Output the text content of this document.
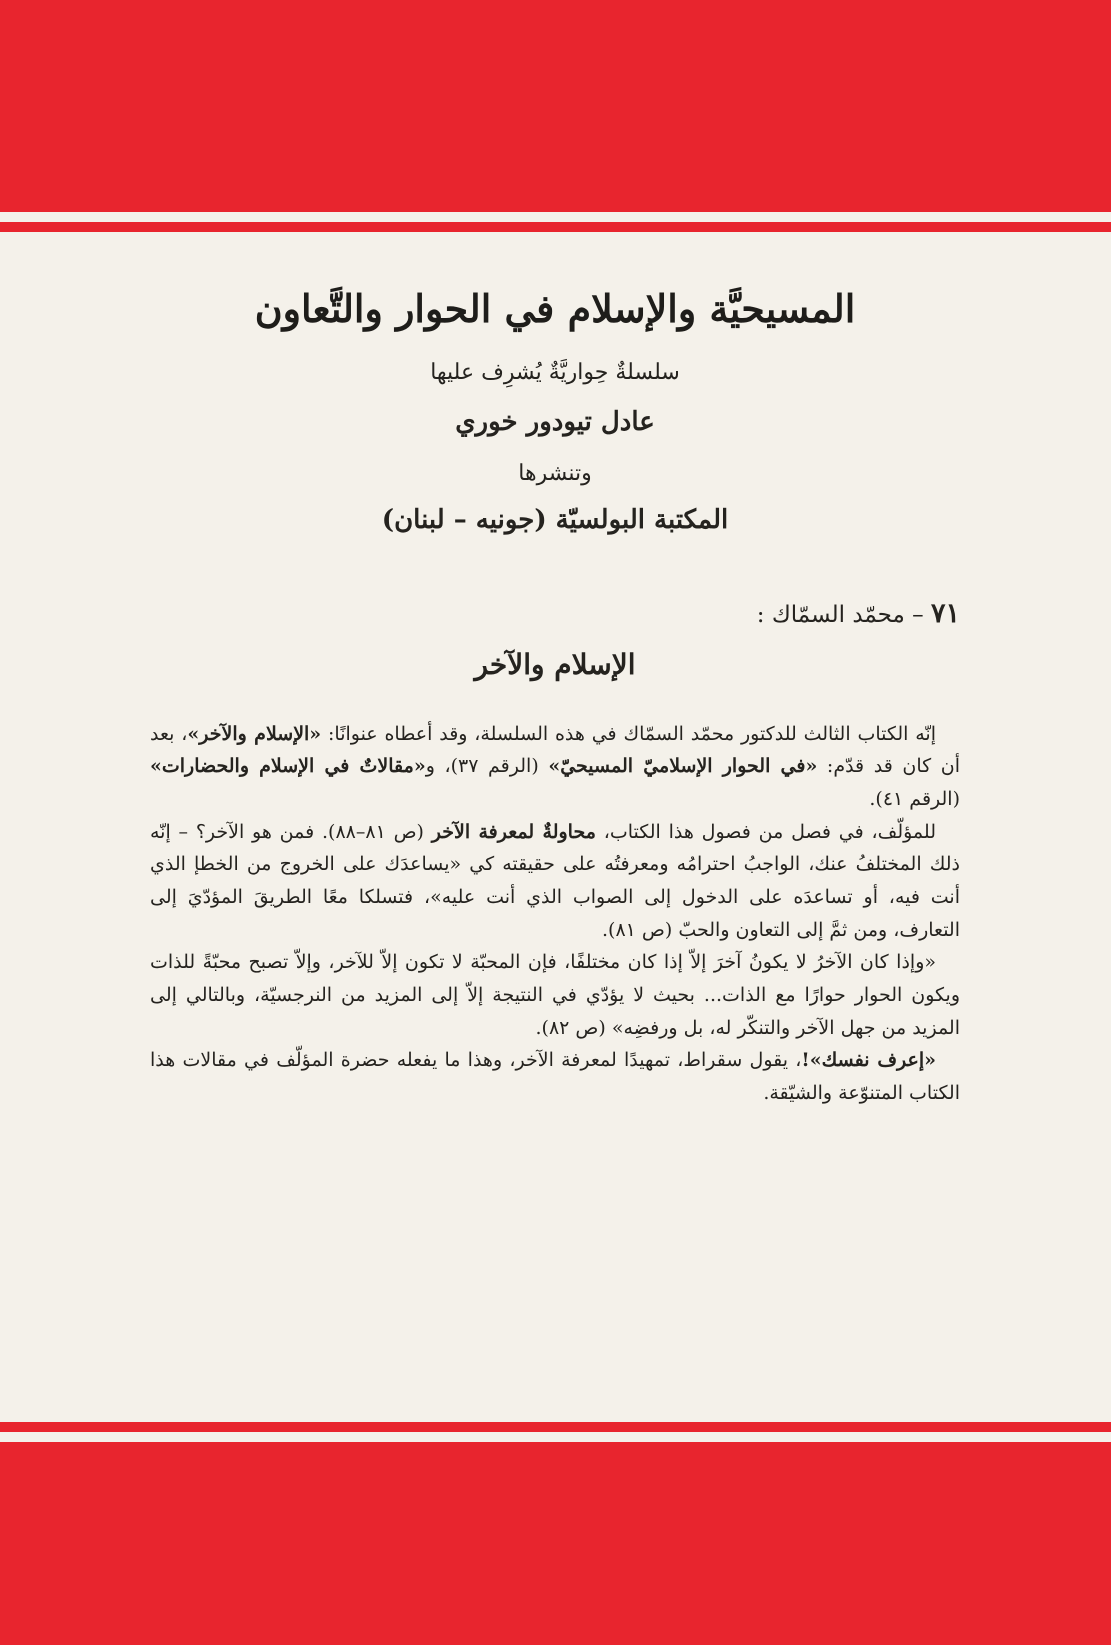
المسيحيَّة والإسلام في الحوار والتَّعاون
سلسلةٌ حِواريَّةٌ يُشرِف عليها
عادل تيودور خوري
وتنشرها
المكتبة البولسيّة (جونيه – لبنان)
٧١ – محمّد السمّاك :
الإسلام والآخر

إنّه الكتاب الثالث للدكتور محمّد السمّاك في هذه السلسلة، وقد أعطاه عنوانًا: «الإسلام والآخر»، بعد أن كان قد قدّم: «في الحوار الإسلاميّ المسيحيّ» (الرقم ٣٧)، و«مقالاتٌ في الإسلام والحضارات» (الرقم ٤١).

للمؤلّف، في فصل من فصول هذا الكتاب، محاولةٌ لمعرفة الآخر (ص ٨١–٨٨). فمن هو الآخر؟ – إنّه ذلك المختلفُ عنك، الواجبُ احترامُه ومعرفتُه على حقيقته كي «يساعدَك على الخروج من الخطإ الذي أنت فيه، أو تساعدَه على الدخول إلى الصواب الذي أنت عليه»، فتسلكا معًا الطريقَ المؤدّيَ إلى التعارف، ومن ثمَّ إلى التعاون والحبّ (ص ٨١).

«وإذا كان الآخرُ لا يكونُ آخرَ إلاّ إذا كان مختلفًا، فإن المحبّة لا تكون إلاّ للآخر، وإلاّ تصبح محبّةً للذات ويكون الحوار حوارًا مع الذات... بحيث لا يؤدّي في النتيجة إلاّ إلى المزيد من النرجسيّة، وبالتالي إلى المزيد من جهل الآخر والتنكّر له، بل ورفضِه» (ص ٨٢).

«إعرف نفسك»!، يقول سقراط، تمهيدًا لمعرفة الآخر، وهذا ما يفعله حضرة المؤلّف في مقالات هذا الكتاب المتنوّعة والشيّقة.
